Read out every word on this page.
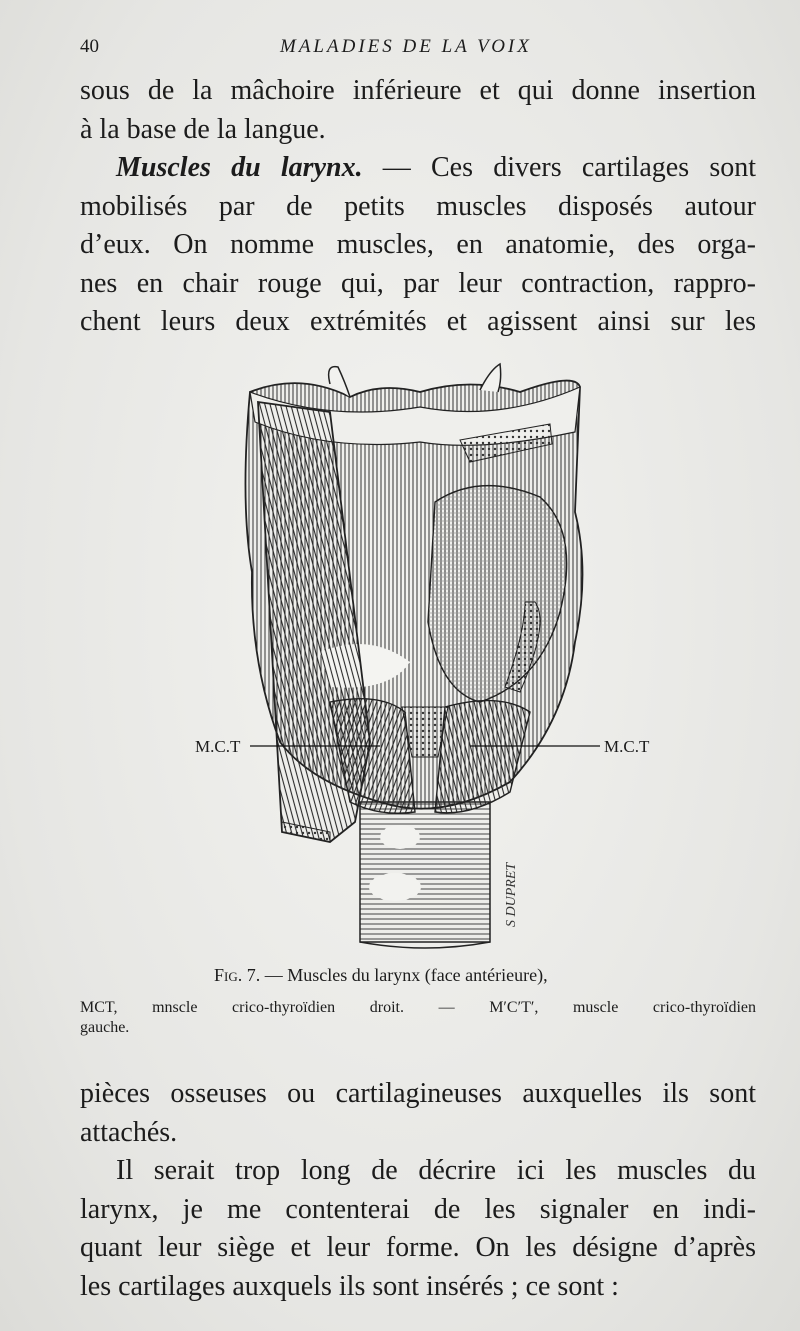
40	MALADIES DE LA VOIX

sous de la mâchoire inférieure et qui donne insertion
à la base de la langue.

Muscles du larynx. — Ces divers cartilages sont
mobilisés par de petits muscles disposés autour
d’eux. On nomme muscles, en anatomie, des orga-
nes en chair rouge qui, par leur contraction, rappro-
chent leurs deux extrémités et agissent ainsi sur les

M.C.T	M.C.T
S DUPRET
Fig. 7. — Muscles du larynx (face antérieure),
MCT, mnscle crico-thyroïdien droit. — M′C′T′, muscle crico-thyroïdien
gauche.

pièces osseuses ou cartilagineuses auxquelles ils sont
attachés.

Il serait trop long de décrire ici les muscles du
larynx, je me contenterai de les signaler en indi-
quant leur siège et leur forme. On les désigne d’après
les cartilages auxquels ils sont insérés ; ce sont :
